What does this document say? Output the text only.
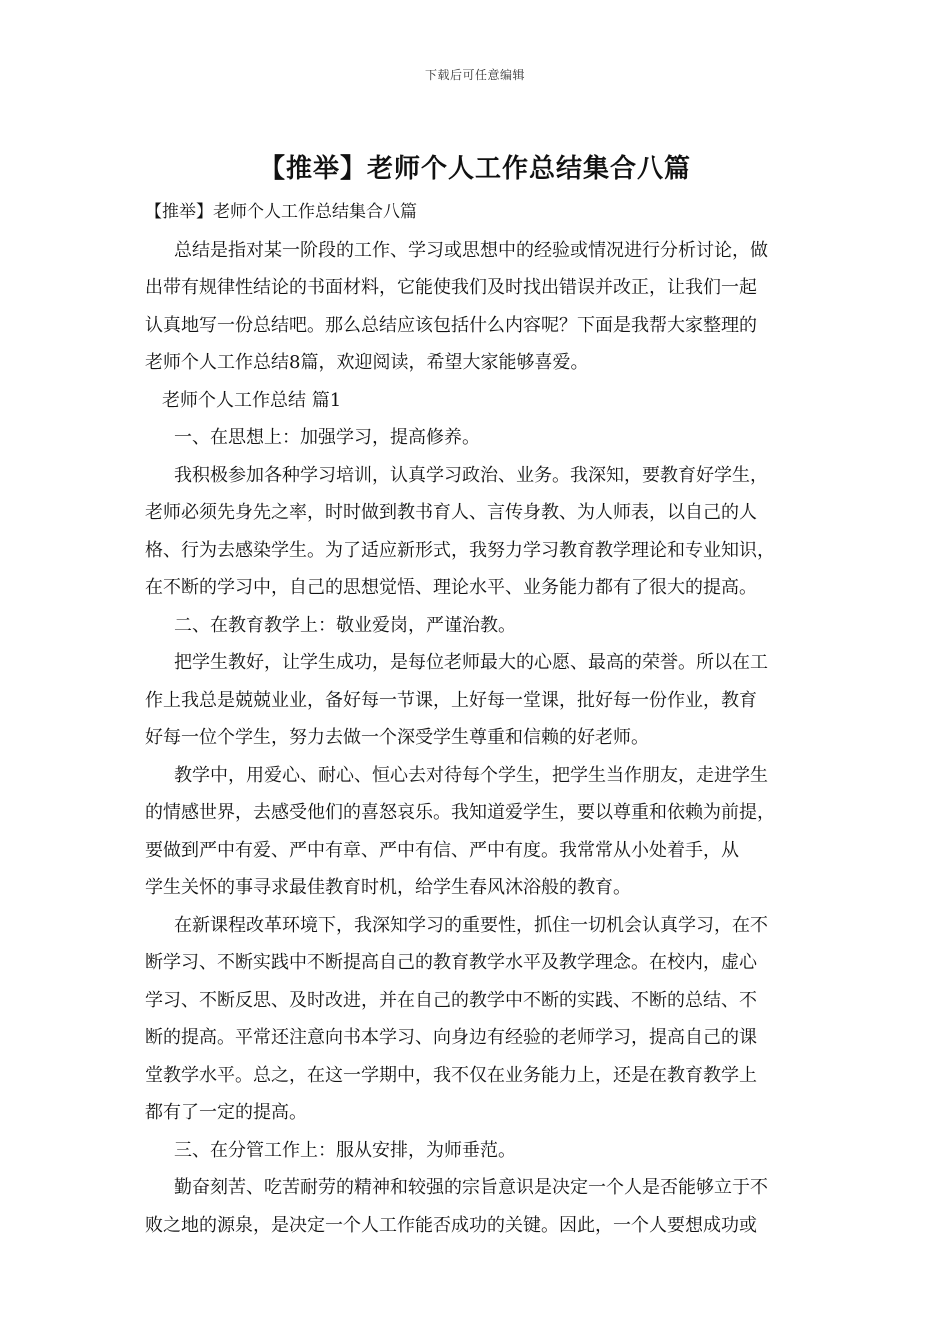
下载后可任意编辑
【推举】老师个人工作总结集合八篇
【推举】老师个人工作总结集合八篇
总结是指对某一阶段的工作、学习或思想中的经验或情况进行分析讨论，做
出带有规律性结论的书面材料，它能使我们及时找出错误并改正，让我们一起
认真地写一份总结吧。那么总结应该包括什么内容呢？下面是我帮大家整理的
老师个人工作总结8篇，欢迎阅读，希望大家能够喜爱。
老师个人工作总结 篇1
一、在思想上：加强学习，提高修养。
我积极参加各种学习培训，认真学习政治、业务。我深知，要教育好学生，
老师必须先身先之率，时时做到教书育人、言传身教、为人师表，以自己的人
格、行为去感染学生。为了适应新形式，我努力学习教育教学理论和专业知识，
在不断的学习中，自己的思想觉悟、理论水平、业务能力都有了很大的提高。
二、在教育教学上：敬业爱岗，严谨治教。
把学生教好，让学生成功，是每位老师最大的心愿、最高的荣誉。所以在工
作上我总是兢兢业业，备好每一节课，上好每一堂课，批好每一份作业，教育
好每一位个学生，努力去做一个深受学生尊重和信赖的好老师。
教学中，用爱心、耐心、恒心去对待每个学生，把学生当作朋友，走进学生
的情感世界，去感受他们的喜怒哀乐。我知道爱学生，要以尊重和依赖为前提，
要做到严中有爱、严中有章、严中有信、严中有度。我常常从小处着手，从
学生关怀的事寻求最佳教育时机，给学生春风沐浴般的教育。
在新课程改革环境下，我深知学习的重要性，抓住一切机会认真学习，在不
断学习、不断实践中不断提高自己的教育教学水平及教学理念。在校内，虚心
学习、不断反思、及时改进，并在自己的教学中不断的实践、不断的总结、不
断的提高。平常还注意向书本学习、向身边有经验的老师学习，提高自己的课
堂教学水平。总之，在这一学期中，我不仅在业务能力上，还是在教育教学上
都有了一定的提高。
三、在分管工作上：服从安排，为师垂范。
勤奋刻苦、吃苦耐劳的精神和较强的宗旨意识是决定一个人是否能够立于不
败之地的源泉，是决定一个人工作能否成功的关键。因此，一个人要想成功或
